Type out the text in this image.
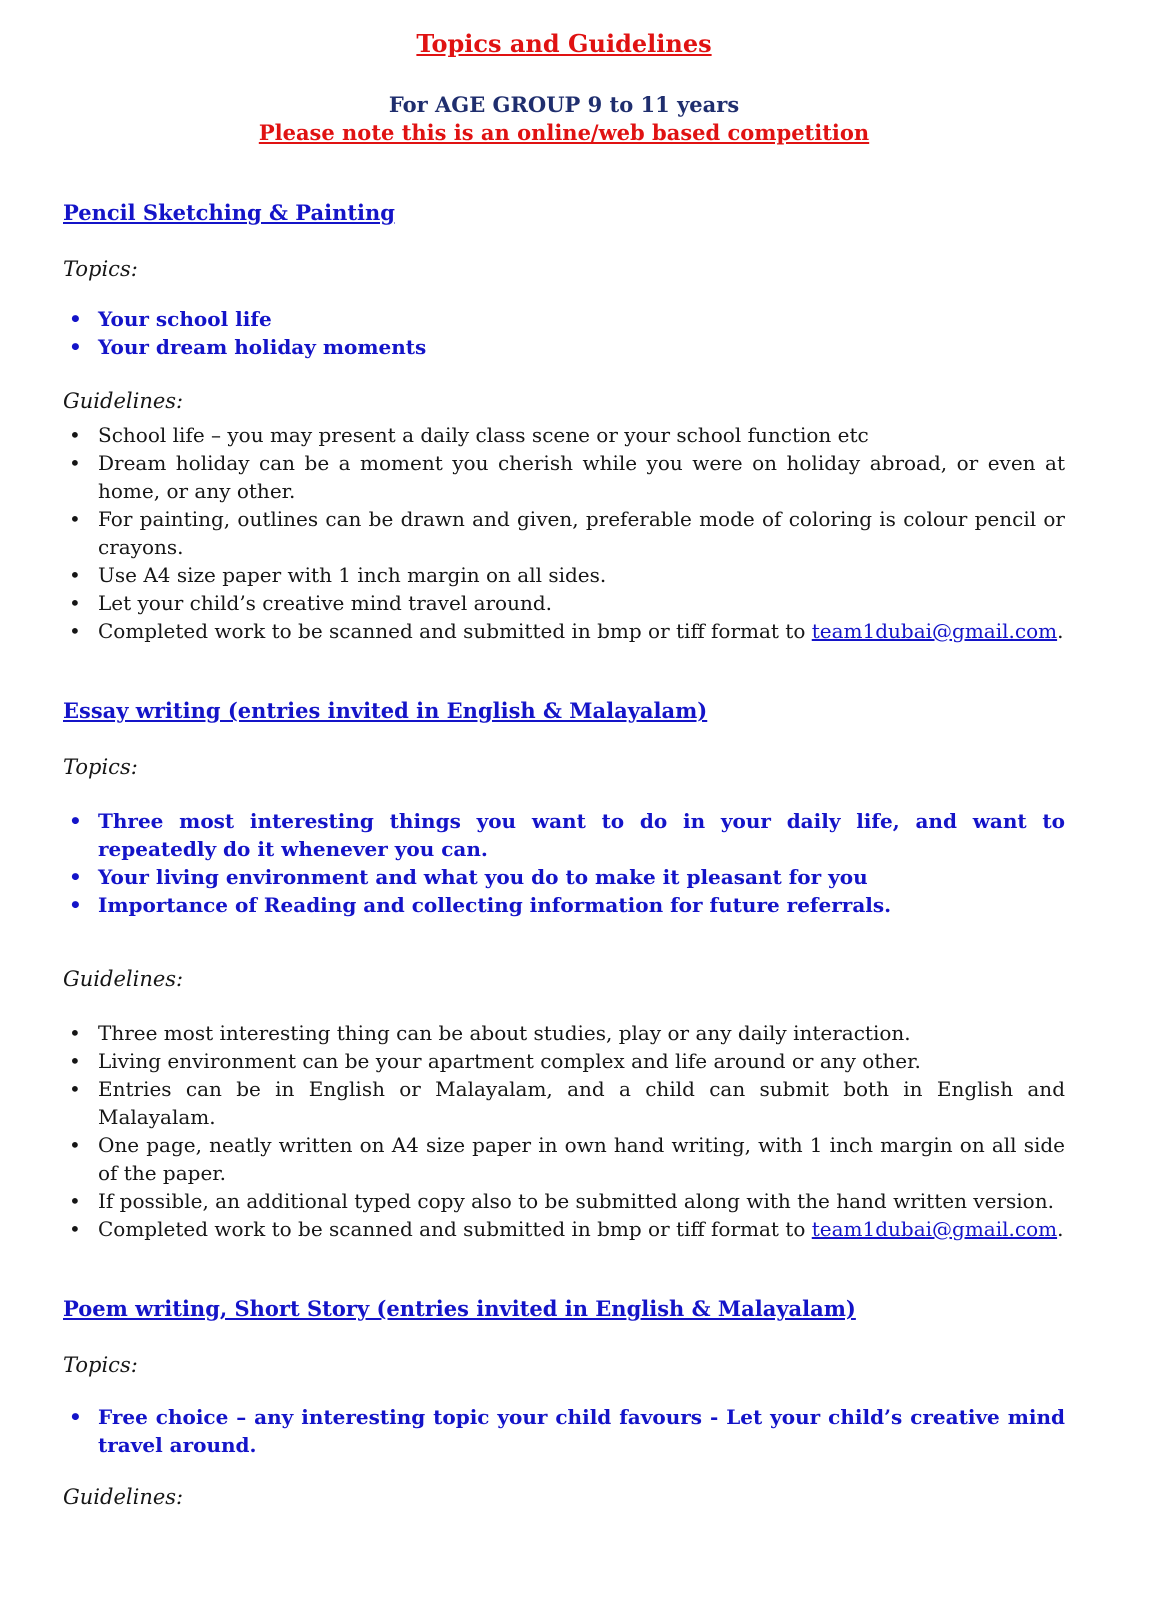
Topics and Guidelines

For AGE GROUP 9 to 11 years

Please note this is an online/web based competition

Pencil Sketching & Painting

Topics:

• Your school life
• Your dream holiday moments

Guidelines:

• School life – you may present a daily class scene or your school function etc
• Dream holiday can be a moment you cherish while you were on holiday abroad, or even at home, or any other.
• For painting, outlines can be drawn and given, preferable mode of coloring is colour pencil or crayons.
• Use A4 size paper with 1 inch margin on all sides.
• Let your child’s creative mind travel around.
• Completed work to be scanned and submitted in bmp or tiff format to team1dubai@gmail.com.
Essay writing (entries invited in English & Malayalam)

Topics:

• Three most interesting things you want to do in your daily life, and want to repeatedly do it whenever you can.
• Your living environment and what you do to make it pleasant for you
• Importance of Reading and collecting information for future referrals.

Guidelines:

• Three most interesting thing can be about studies, play or any daily interaction.
• Living environment can be your apartment complex and life around or any other.
• Entries can be in English or Malayalam, and a child can submit both in English and Malayalam.
• One page, neatly written on A4 size paper in own hand writing, with 1 inch margin on all side of the paper.
• If possible, an additional typed copy also to be submitted along with the hand written version.
• Completed work to be scanned and submitted in bmp or tiff format to team1dubai@gmail.com.
Poem writing, Short Story (entries invited in English & Malayalam)

Topics:

• Free choice – any interesting topic your child favours - Let your child’s creative mind travel around.

Guidelines:
